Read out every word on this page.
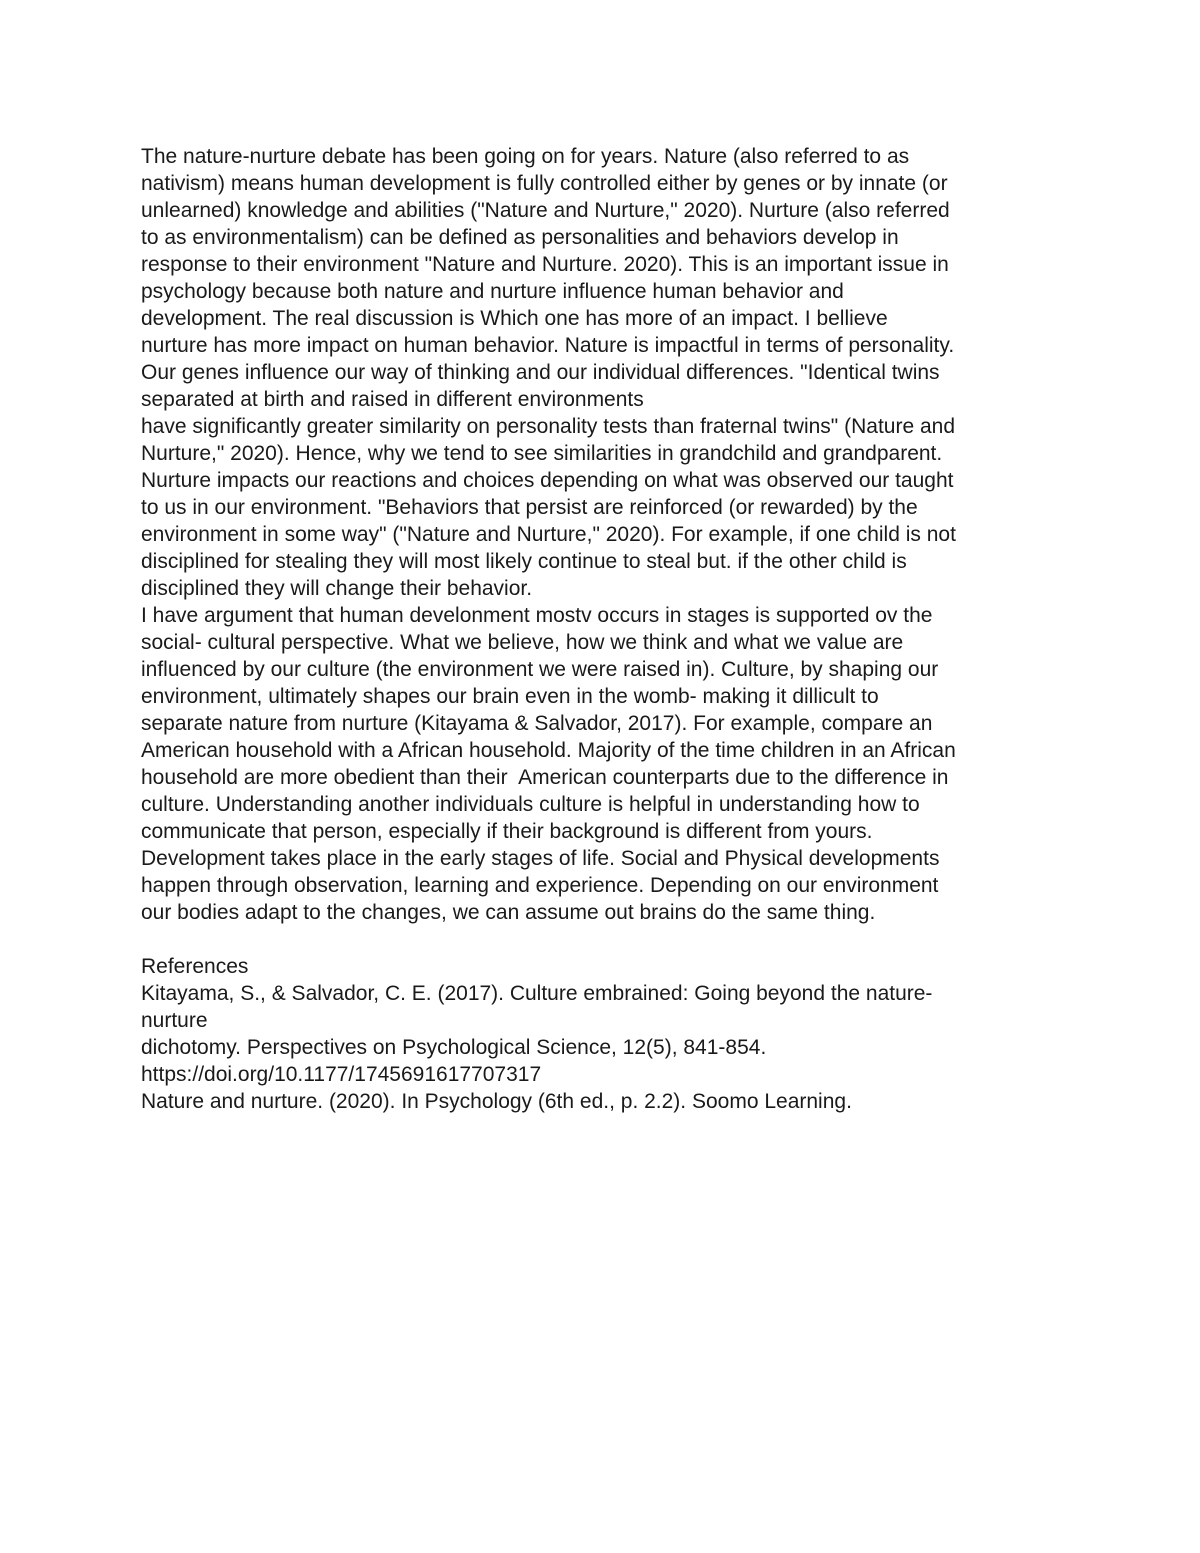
The nature-nurture debate has been going on for years. Nature (also referred to as
nativism) means human development is fully controlled either by genes or by innate (or
unlearned) knowledge and abilities ("Nature and Nurture," 2020). Nurture (also referred
to as environmentalism) can be defined as personalities and behaviors develop in
response to their environment "Nature and Nurture. 2020). This is an important issue in
psychology because both nature and nurture influence human behavior and
development. The real discussion is Which one has more of an impact. I bellieve
nurture has more impact on human behavior. Nature is impactful in terms of personality.
Our genes influence our way of thinking and our individual differences. "Identical twins
separated at birth and raised in different environments
have significantly greater similarity on personality tests than fraternal twins" (Nature and
Nurture," 2020). Hence, why we tend to see similarities in grandchild and grandparent.
Nurture impacts our reactions and choices depending on what was observed our taught
to us in our environment. "Behaviors that persist are reinforced (or rewarded) by the
environment in some way" ("Nature and Nurture," 2020). For example, if one child is not
disciplined for stealing they will most likely continue to steal but. if the other child is
disciplined they will change their behavior.
I have argument that human develonment mostv occurs in stages is supported ov the
social- cultural perspective. What we believe, how we think and what we value are
influenced by our culture (the environment we were raised in). Culture, by shaping our
environment, ultimately shapes our brain even in the womb- making it dillicult to
separate nature from nurture (Kitayama & Salvador, 2017). For example, compare an
American household with a African household. Majority of the time children in an African
household are more obedient than their  American counterparts due to the difference in
culture. Understanding another individuals culture is helpful in understanding how to
communicate that person, especially if their background is different from yours.
Development takes place in the early stages of life. Social and Physical developments
happen through observation, learning and experience. Depending on our environment
our bodies adapt to the changes, we can assume out brains do the same thing.
References
Kitayama, S., & Salvador, C. E. (2017). Culture embrained: Going beyond the nature-
nurture
dichotomy. Perspectives on Psychological Science, 12(5), 841-854.
https://doi.org/10.1177/1745691617707317
Nature and nurture. (2020). In Psychology (6th ed., p. 2.2). Soomo Learning.
